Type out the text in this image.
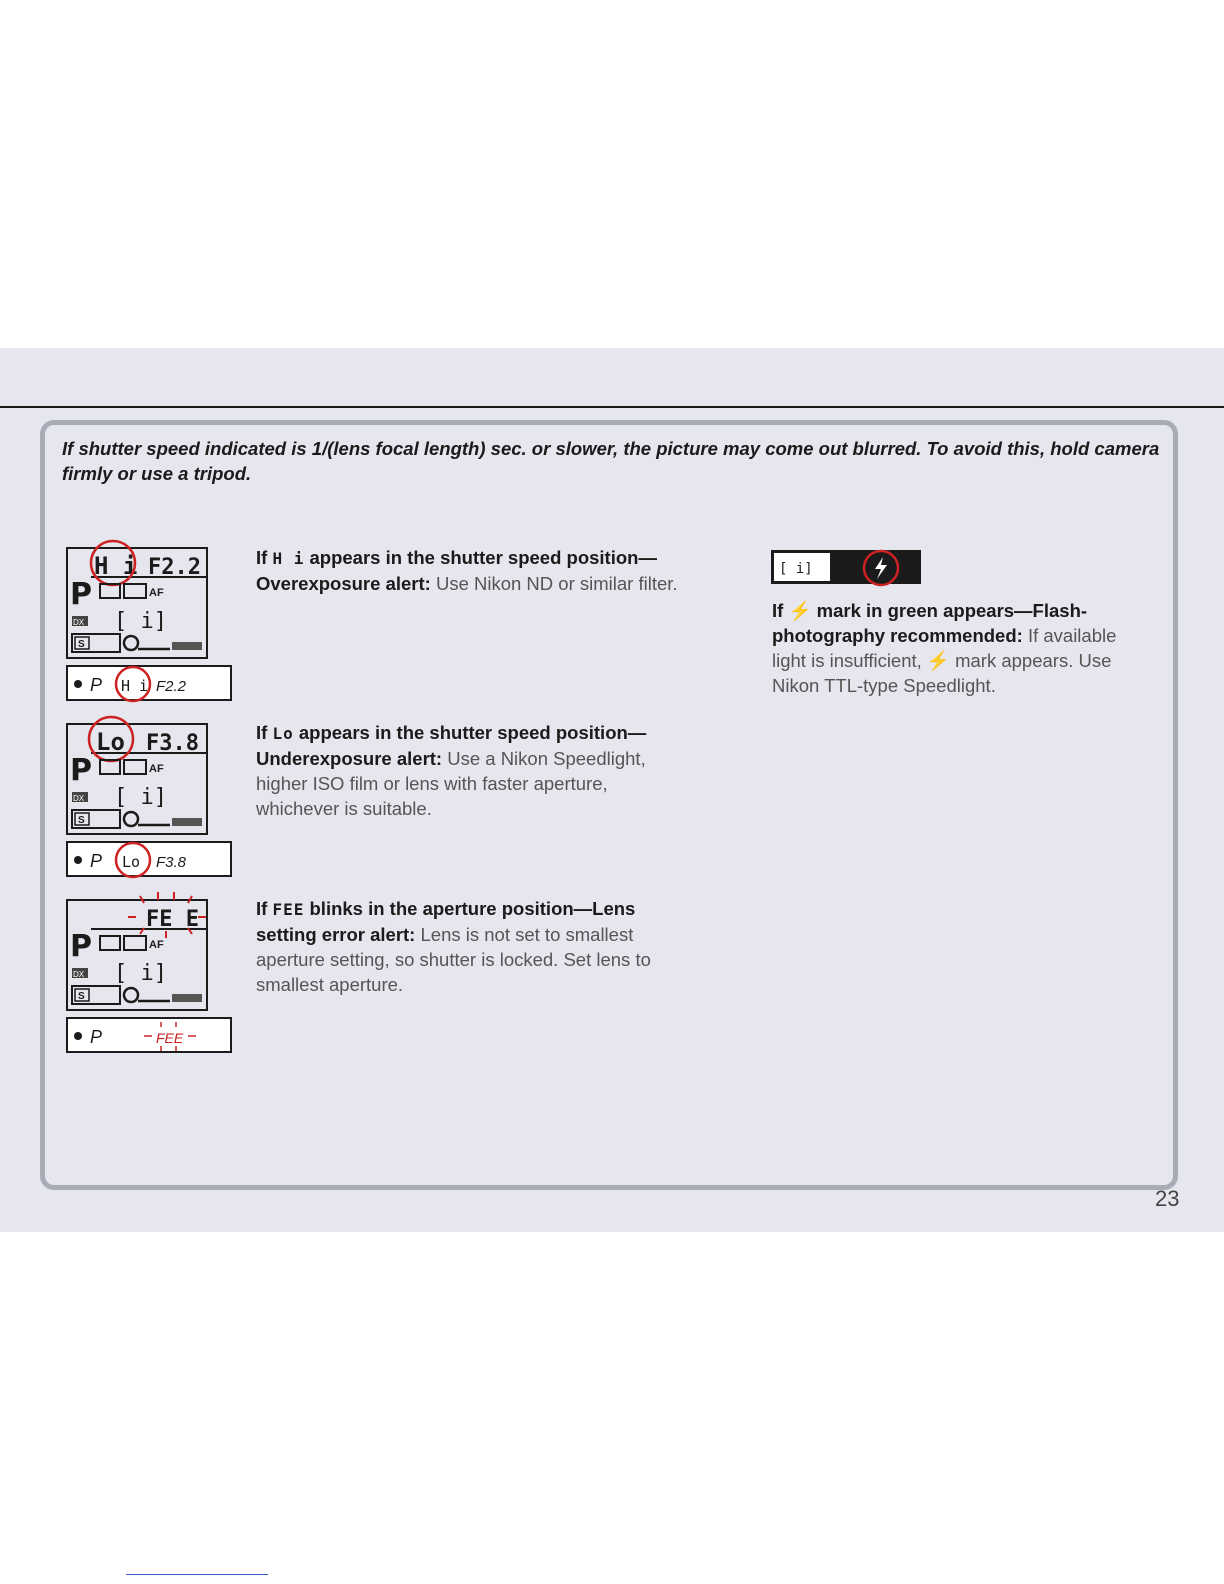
If shutter speed indicated is 1/(lens focal length) sec. or slower, the picture may come out blurred. To avoid this, hold camera firmly or use a tripod.
H i F2.2
P	AF
DX [ i]
S
P H i F2.2
If H i appears in the shutter speed position—Overexposure alert: Use Nikon ND or similar filter.
Lo F3.8
P	AF
DX [ i]
S
P Lo F3.8
If Lo appears in the shutter speed position—Underexposure alert: Use a Nikon Speedlight, higher ISO film or lens with faster aperture, whichever is suitable.
FE E
P	AF
DX [ i]
S
P	FEE
If FEE blinks in the aperture position—Lens setting error alert: Lens is not set to smallest aperture setting, so shutter is locked. Set lens to smallest aperture.
[ i]
If ⚡ mark in green appears—Flash-photography recommended: If available light is insufficient, ⚡ mark appears. Use Nikon TTL-type Speedlight.
23
